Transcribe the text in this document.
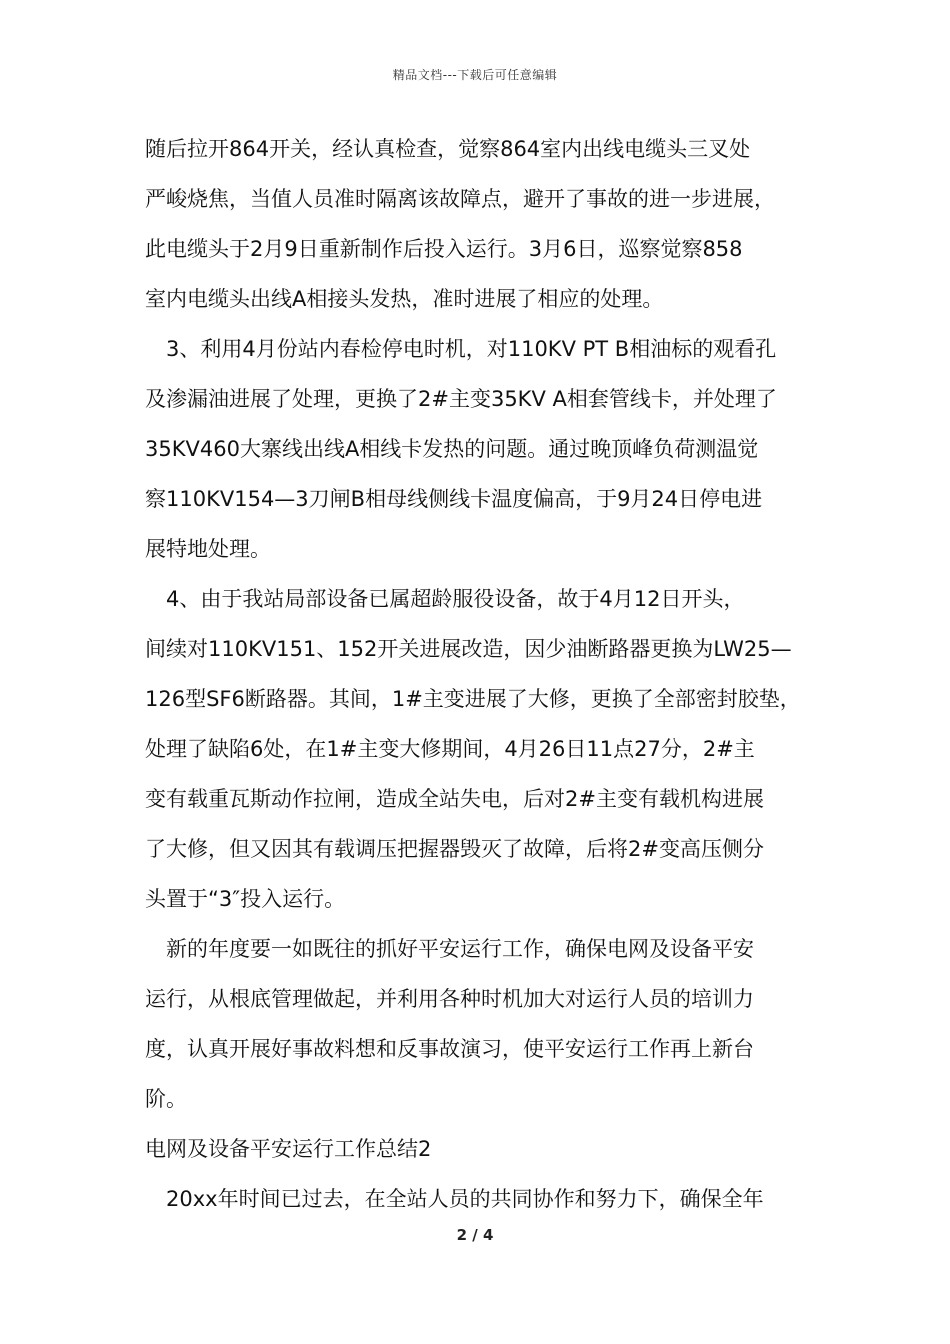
精品文档---下载后可任意编辑

随后拉开864开关，经认真检查，觉察864室内出线电缆头三叉处
严峻烧焦，当值人员准时隔离该故障点，避开了事故的进一步进展，
此电缆头于2月9日重新制作后投入运行。3月6日，巡察觉察858
室内电缆头出线A相接头发热，准时进展了相应的处理。

3、利用4月份站内春检停电时机，对110KV PT B相油标的观看孔
及渗漏油进展了处理，更换了2#主变35KV A相套管线卡，并处理了
35KV460大寨线出线A相线卡发热的问题。通过晚顶峰负荷测温觉
察110KV154—3刀闸B相母线侧线卡温度偏高，于9月24日停电进
展特地处理。

4、由于我站局部设备已属超龄服役设备，故于4月12日开头，
间续对110KV151、152开关进展改造，因少油断路器更换为LW25—
126型SF6断路器。其间，1#主变进展了大修，更换了全部密封胶垫，
处理了缺陷6处，在1#主变大修期间，4月26日11点27分，2#主
变有载重瓦斯动作拉闸，造成全站失电，后对2#主变有载机构进展
了大修，但又因其有载调压把握器毁灭了故障，后将2#变高压侧分
头置于“3″投入运行。

新的年度要一如既往的抓好平安运行工作，确保电网及设备平安
运行，从根底管理做起，并利用各种时机加大对运行人员的培训力
度，认真开展好事故料想和反事故演习，使平安运行工作再上新台
阶。

电网及设备平安运行工作总结2

20xx年时间已过去，在全站人员的共同协作和努力下，确保全年

2 / 4
